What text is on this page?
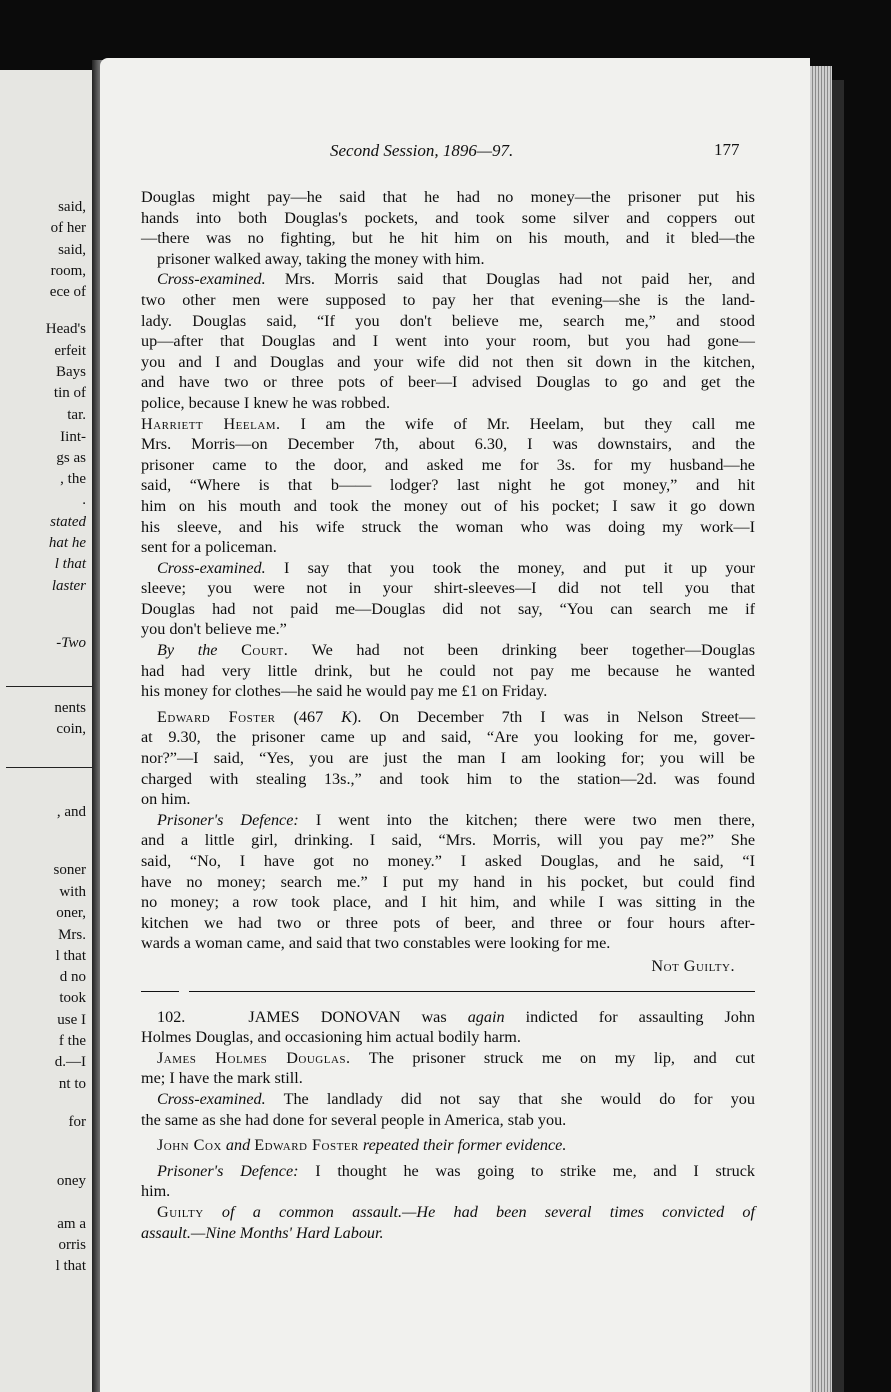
said,
of her
said,
room,
ece of
Head's
erfeit
Bays
tin of
tar.
Iint-
gs as
, the
.
stated
hat he
l that
laster
-Two
nents
coin,
, and
soner
with
oner,
Mrs.
l that
d no
took
use I
f the
d.—I
nt to
for
oney
am a
orris
l that
Second Session, 1896—97.	177
Douglas might pay—he said that he had no money—the prisoner put his
hands into both Douglas's pockets, and took some silver and coppers out
—there was no fighting, but he hit him on his mouth, and it bled—the
prisoner walked away, taking the money with him.
Cross-examined. Mrs. Morris said that Douglas had not paid her, and
two other men were supposed to pay her that evening—she is the land-
lady. Douglas said, “If you don't believe me, search me,” and stood
up—after that Douglas and I went into your room, but you had gone—
you and I and Douglas and your wife did not then sit down in the kitchen,
and have two or three pots of beer—I advised Douglas to go and get the
police, because I knew he was robbed.
Harriett Heelam. I am the wife of Mr. Heelam, but they call me
Mrs. Morris—on December 7th, about 6.30, I was downstairs, and the
prisoner came to the door, and asked me for 3s. for my husband—he
said, “Where is that b—— lodger? last night he got money,” and hit
him on his mouth and took the money out of his pocket; I saw it go down
his sleeve, and his wife struck the woman who was doing my work—I
sent for a policeman.
Cross-examined. I say that you took the money, and put it up your
sleeve; you were not in your shirt-sleeves—I did not tell you that
Douglas had not paid me—Douglas did not say, “You can search me if
you don't believe me.”
By the Court. We had not been drinking beer together—Douglas
had had very little drink, but he could not pay me because he wanted
his money for clothes—he said he would pay me £1 on Friday.
Edward Foster (467 K). On December 7th I was in Nelson Street—
at 9.30, the prisoner came up and said, “Are you looking for me, gover-
nor?”—I said, “Yes, you are just the man I am looking for; you will be
charged with stealing 13s.,” and took him to the station—2d. was found
on him.
Prisoner's Defence: I went into the kitchen; there were two men there,
and a little girl, drinking. I said, “Mrs. Morris, will you pay me?” She
said, “No, I have got no money.” I asked Douglas, and he said, “I
have no money; search me.” I put my hand in his pocket, but could find
no money; a row took place, and I hit him, and while I was sitting in the
kitchen we had two or three pots of beer, and three or four hours after-
wards a woman came, and said that two constables were looking for me.
Not Guilty.
102.	JAMES DONOVAN was again indicted for assaulting John
Holmes Douglas, and occasioning him actual bodily harm.
James Holmes Douglas. The prisoner struck me on my lip, and cut
me; I have the mark still.
Cross-examined. The landlady did not say that she would do for you
the same as she had done for several people in America, stab you.
John Cox and Edward Foster repeated their former evidence.
Prisoner's Defence: I thought he was going to strike me, and I struck
him.
Guilty of a common assault.—He had been several times convicted of
assault.—Nine Months' Hard Labour.
